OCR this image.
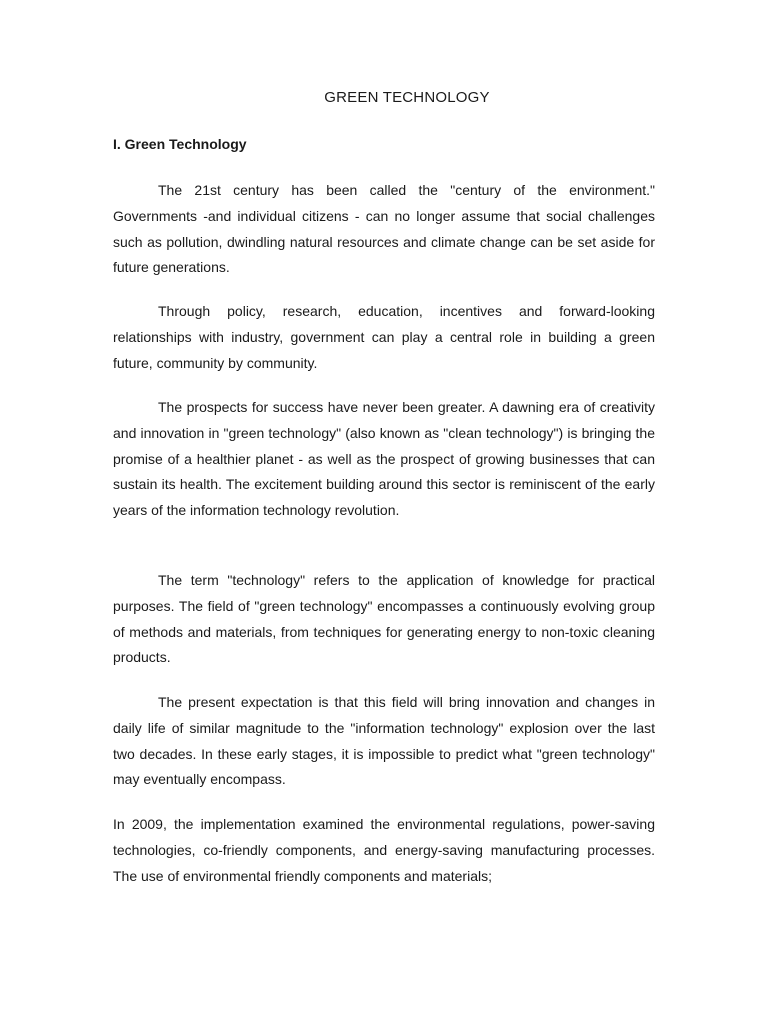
GREEN TECHNOLOGY
I. Green Technology

The 21st century has been called the "century of the environment." Governments -and individual citizens - can no longer assume that social challenges such as pollution, dwindling natural resources and climate change can be set aside for future generations.

Through policy, research, education, incentives and forward-looking relationships with industry, government can play a central role in building a green future, community by community.

The prospects for success have never been greater. A dawning era of creativity and innovation in "green technology" (also known as "clean technology") is bringing the promise of a healthier planet - as well as the prospect of growing businesses that can sustain its health. The excitement building around this sector is reminiscent of the early years of the information technology revolution.

The term "technology" refers to the application of knowledge for practical purposes. The field of "green technology" encompasses a continuously evolving group of methods and materials, from techniques for generating energy to non-toxic cleaning products.

The present expectation is that this field will bring innovation and changes in daily life of similar magnitude to the "information technology" explosion over the last two decades. In these early stages, it is impossible to predict what "green technology" may eventually encompass.

In 2009, the implementation examined the environmental regulations, power-saving technologies, co-friendly components, and energy-saving manufacturing processes. The use of environmental friendly components and materials;
